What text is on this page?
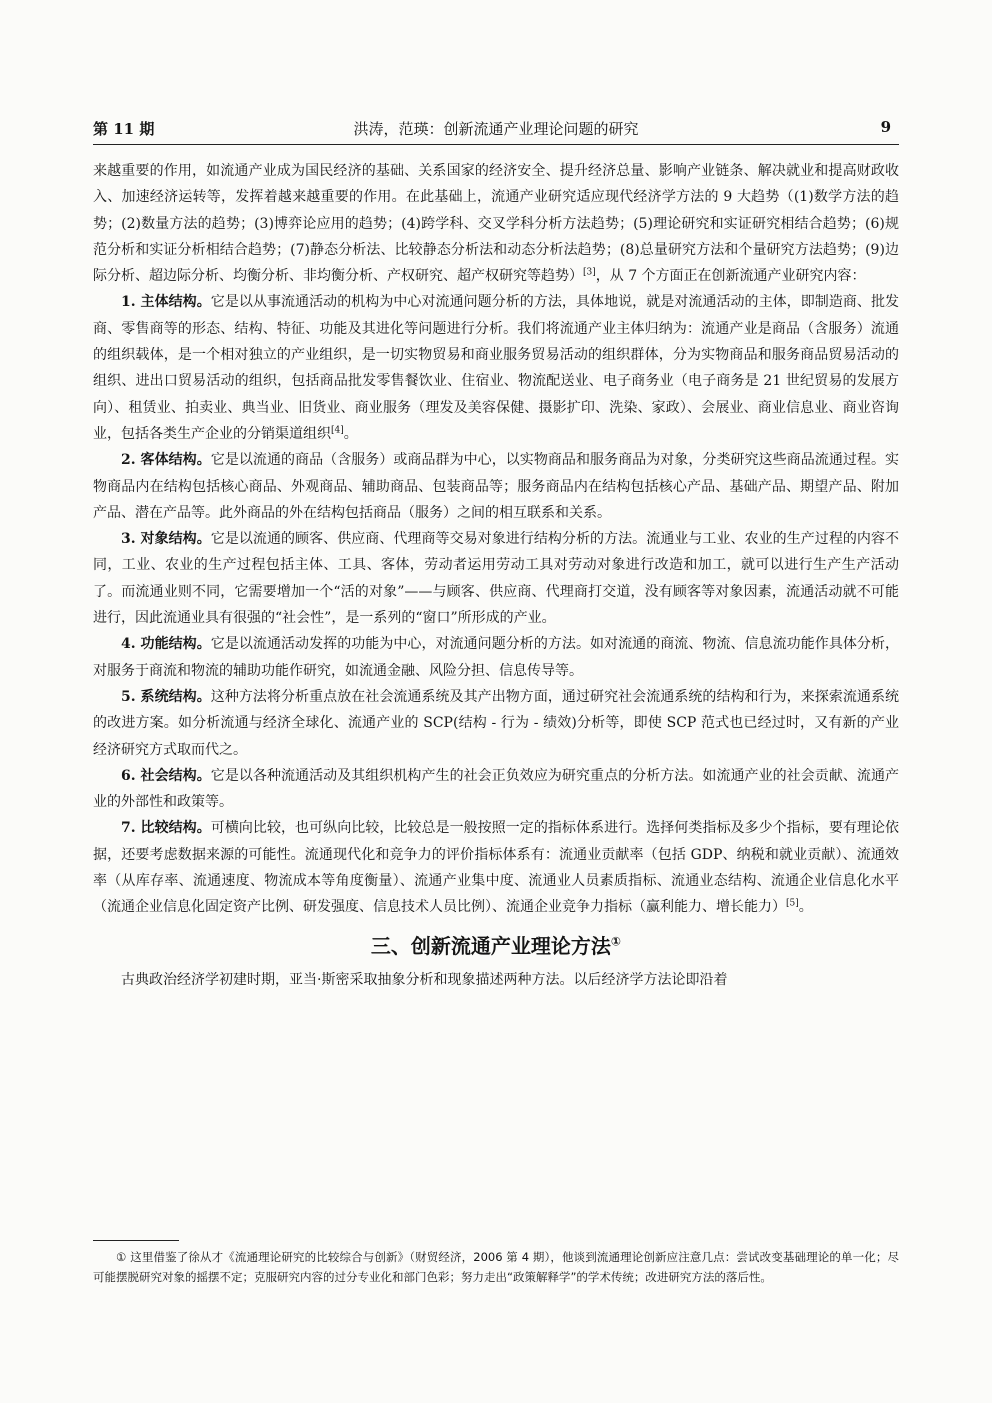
第 11 期	洪涛，范瑛：创新流通产业理论问题的研究	9

来越重要的作用，如流通产业成为国民经济的基础、关系国家的经济安全、提升经济总量、影响产业链条、解决就业和提高财政收入、加速经济运转等，发挥着越来越重要的作用。在此基础上，流通产业研究适应现代经济学方法的 9 大趋势（(1)数学方法的趋势；(2)数量方法的趋势；(3)博弈论应用的趋势；(4)跨学科、交叉学科分析方法趋势；(5)理论研究和实证研究相结合趋势；(6)规范分析和实证分析相结合趋势；(7)静态分析法、比较静态分析法和动态分析法趋势；(8)总量研究方法和个量研究方法趋势；(9)边际分析、超边际分析、均衡分析、非均衡分析、产权研究、超产权研究等趋势）[3]，从 7 个方面正在创新流通产业研究内容：

1. 主体结构。它是以从事流通活动的机构为中心对流通问题分析的方法，具体地说，就是对流通活动的主体，即制造商、批发商、零售商等的形态、结构、特征、功能及其进化等问题进行分析。我们将流通产业主体归纳为：流通产业是商品（含服务）流通的组织载体，是一个相对独立的产业组织，是一切实物贸易和商业服务贸易活动的组织群体，分为实物商品和服务商品贸易活动的组织、进出口贸易活动的组织，包括商品批发零售餐饮业、住宿业、物流配送业、电子商务业（电子商务是 21 世纪贸易的发展方向）、租赁业、拍卖业、典当业、旧货业、商业服务（理发及美容保健、摄影扩印、洗染、家政）、会展业、商业信息业、商业咨询业，包括各类生产企业的分销渠道组织[4]。

2. 客体结构。它是以流通的商品（含服务）或商品群为中心，以实物商品和服务商品为对象，分类研究这些商品流通过程。实物商品内在结构包括核心商品、外观商品、辅助商品、包装商品等；服务商品内在结构包括核心产品、基础产品、期望产品、附加产品、潜在产品等。此外商品的外在结构包括商品（服务）之间的相互联系和关系。

3. 对象结构。它是以流通的顾客、供应商、代理商等交易对象进行结构分析的方法。流通业与工业、农业的生产过程的内容不同，工业、农业的生产过程包括主体、工具、客体，劳动者运用劳动工具对劳动对象进行改造和加工，就可以进行生产生产活动了。而流通业则不同，它需要增加一个“活的对象”——与顾客、供应商、代理商打交道，没有顾客等对象因素，流通活动就不可能进行，因此流通业具有很强的“社会性”，是一系列的“窗口”所形成的产业。

4. 功能结构。它是以流通活动发挥的功能为中心，对流通问题分析的方法。如对流通的商流、物流、信息流功能作具体分析，对服务于商流和物流的辅助功能作研究，如流通金融、风险分担、信息传导等。

5. 系统结构。这种方法将分析重点放在社会流通系统及其产出物方面，通过研究社会流通系统的结构和行为，来探索流通系统的改进方案。如分析流通与经济全球化、流通产业的 SCP(结构 - 行为 - 绩效)分析等，即使 SCP 范式也已经过时，又有新的产业经济研究方式取而代之。

6. 社会结构。它是以各种流通活动及其组织机构产生的社会正负效应为研究重点的分析方法。如流通产业的社会贡献、流通产业的外部性和政策等。

7. 比较结构。可横向比较，也可纵向比较，比较总是一般按照一定的指标体系进行。选择何类指标及多少个指标，要有理论依据，还要考虑数据来源的可能性。流通现代化和竞争力的评价指标体系有：流通业贡献率（包括 GDP、纳税和就业贡献）、流通效率（从库存率、流通速度、物流成本等角度衡量）、流通产业集中度、流通业人员素质指标、流通业态结构、流通企业信息化水平（流通企业信息化固定资产比例、研发强度、信息技术人员比例）、流通企业竞争力指标（赢利能力、增长能力）[5]。

三、创新流通产业理论方法①

古典政治经济学初建时期，亚当·斯密采取抽象分析和现象描述两种方法。以后经济学方法论即沿着

① 这里借鉴了徐从才《流通理论研究的比较综合与创新》（财贸经济，2006 第 4 期），他谈到流通理论创新应注意几点：尝试改变基础理论的单一化；尽可能摆脱研究对象的摇摆不定；克服研究内容的过分专业化和部门色彩；努力走出“政策解释学”的学术传统；改进研究方法的落后性。
